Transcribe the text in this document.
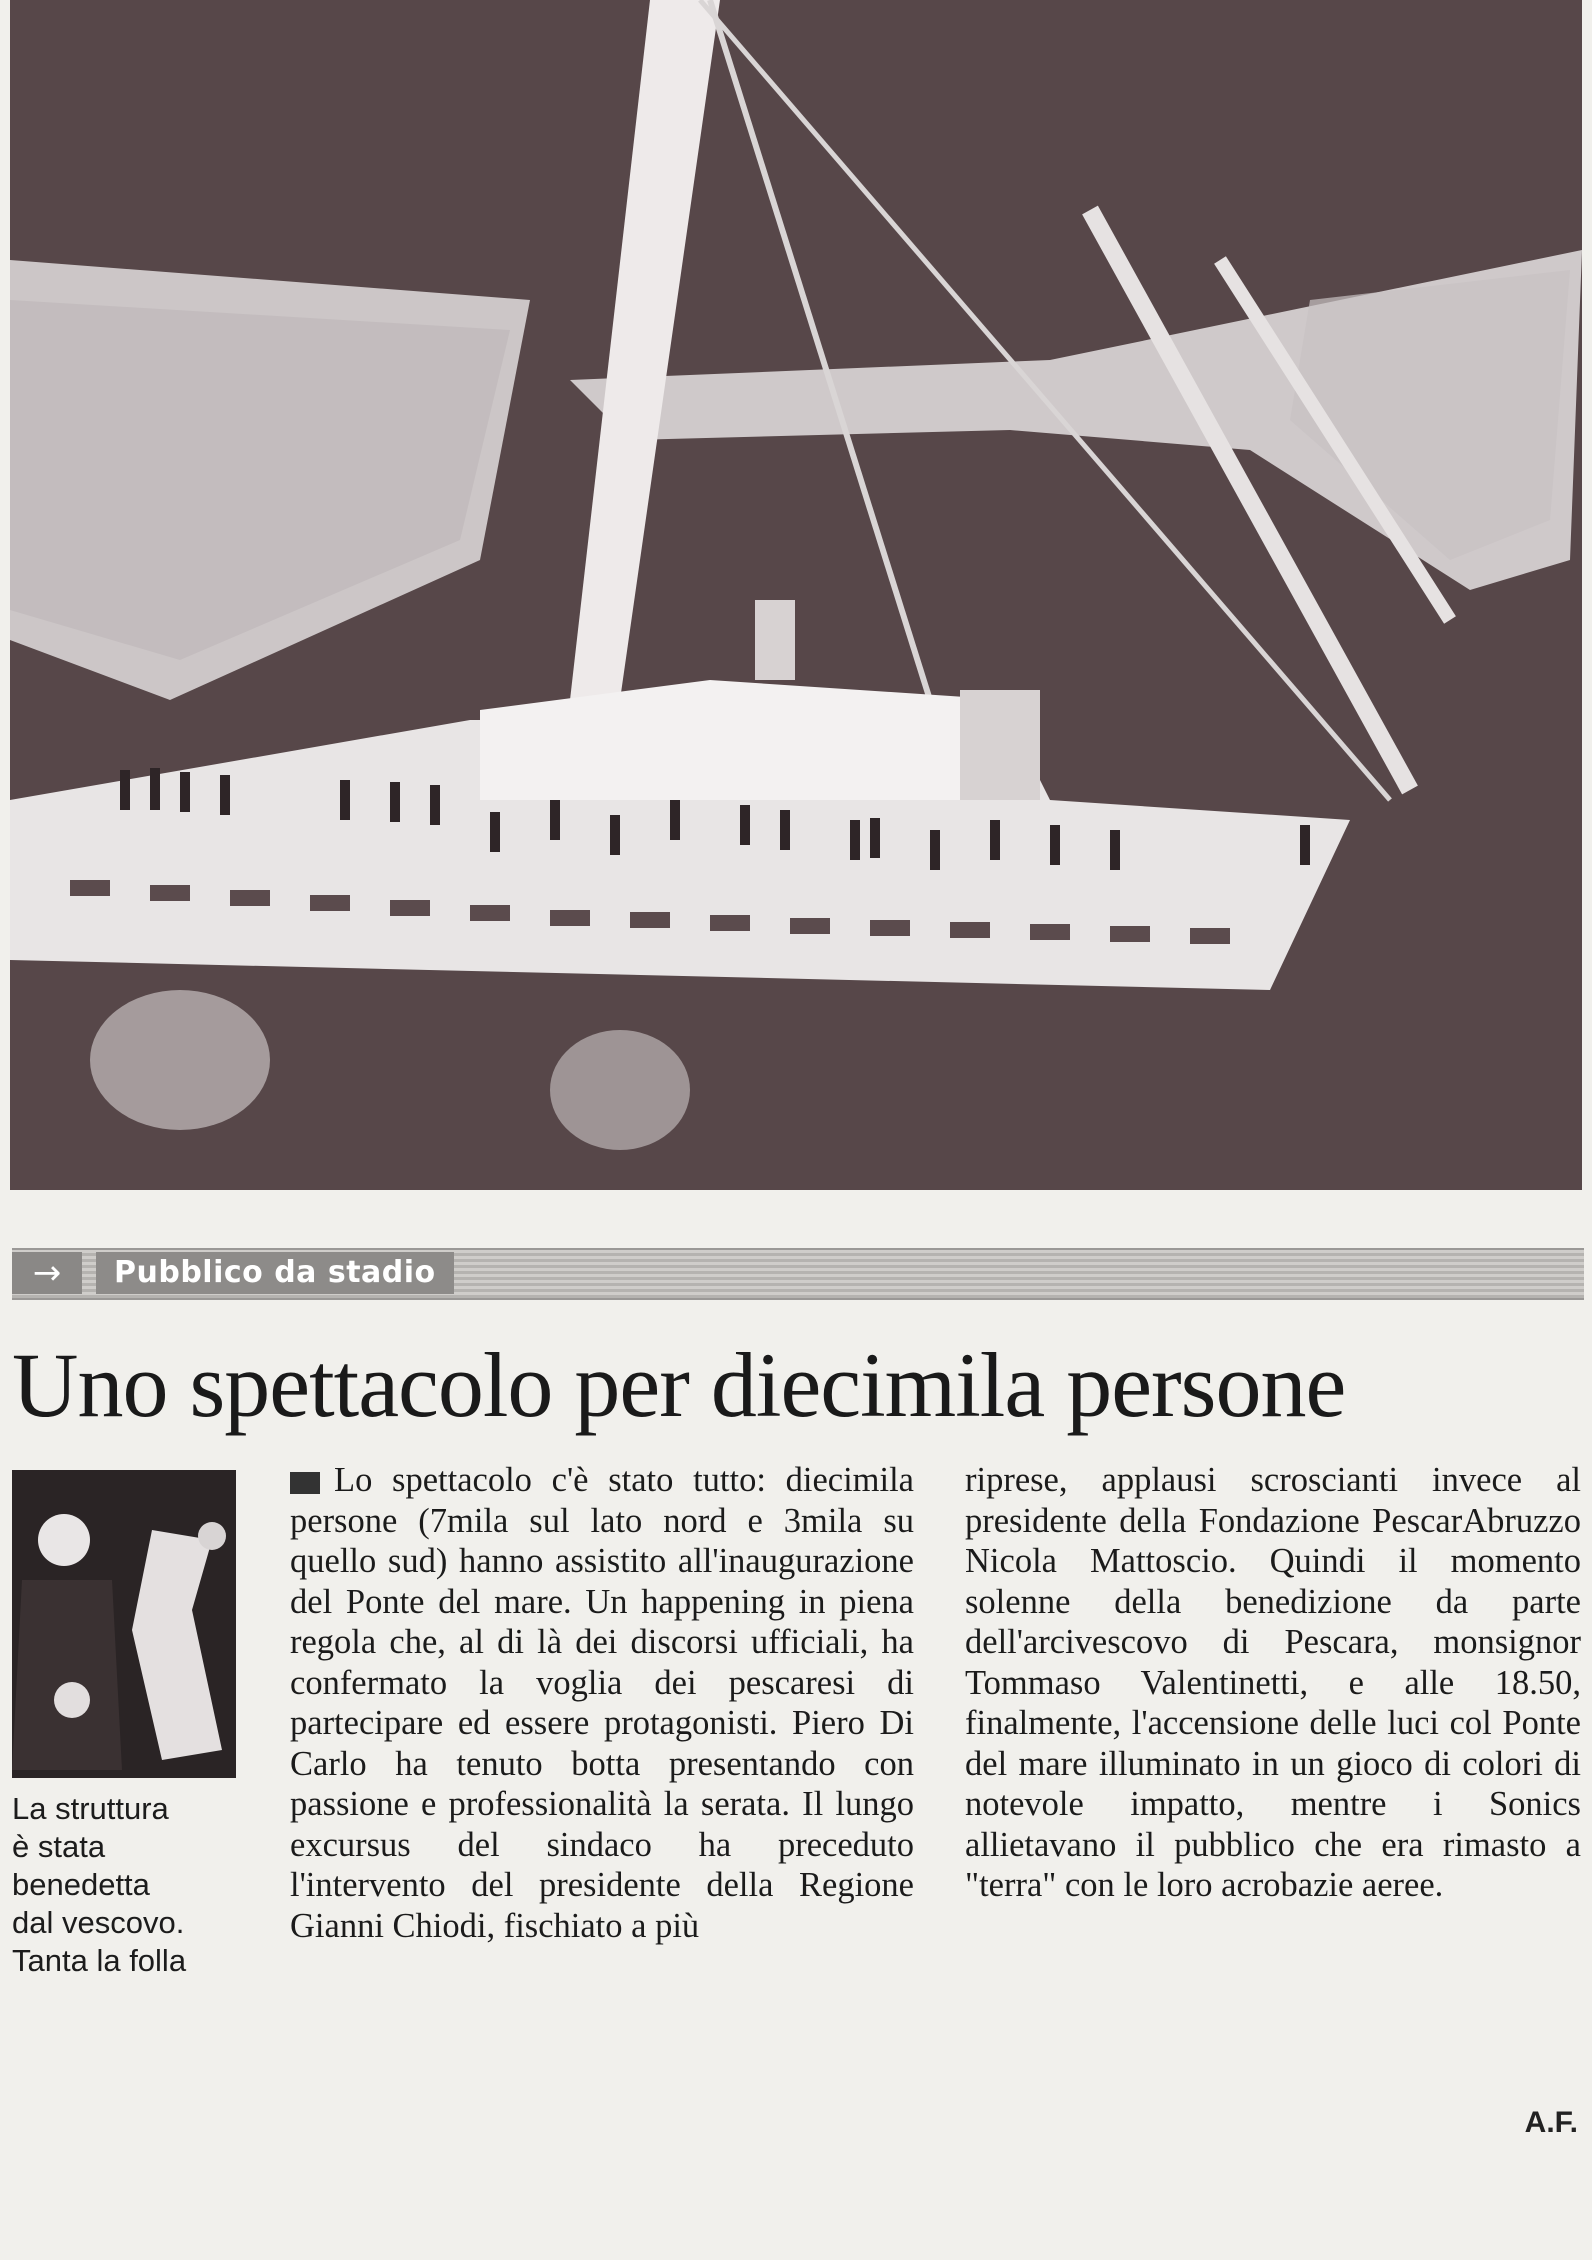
→	Pubblico da stadio
Uno spettacolo per diecimila persone
La struttura
è stata
benedetta
dal vescovo.
Tanta la folla

Lo spettacolo c'è stato tutto: diecimila persone (7mila sul lato nord e 3mila su quello sud) hanno assistito all'inaugurazione del Ponte del mare. Un happening in piena regola che, al di là dei discorsi ufficiali, ha confermato la voglia dei pescaresi di partecipare ed essere protagonisti. Piero Di Carlo ha tenuto botta presentando con passione e professionalità la serata. Il lungo excursus del sindaco ha preceduto l'intervento del presidente della Regione Gianni Chiodi, fischiato a più

riprese, applausi scroscianti invece al presidente della Fondazione PescarAbruzzo Nicola Mattoscio. Quindi il momento solenne della benedizione da parte dell'arcivescovo di Pescara, monsignor Tommaso Valentinetti, e alle 18.50, finalmente, l'accensione delle luci col Ponte del mare illuminato in un gioco di colori di notevole impatto, mentre i Sonics allietavano il pubblico che era rimasto a "terra" con le loro acrobazie aeree.

A.F.
